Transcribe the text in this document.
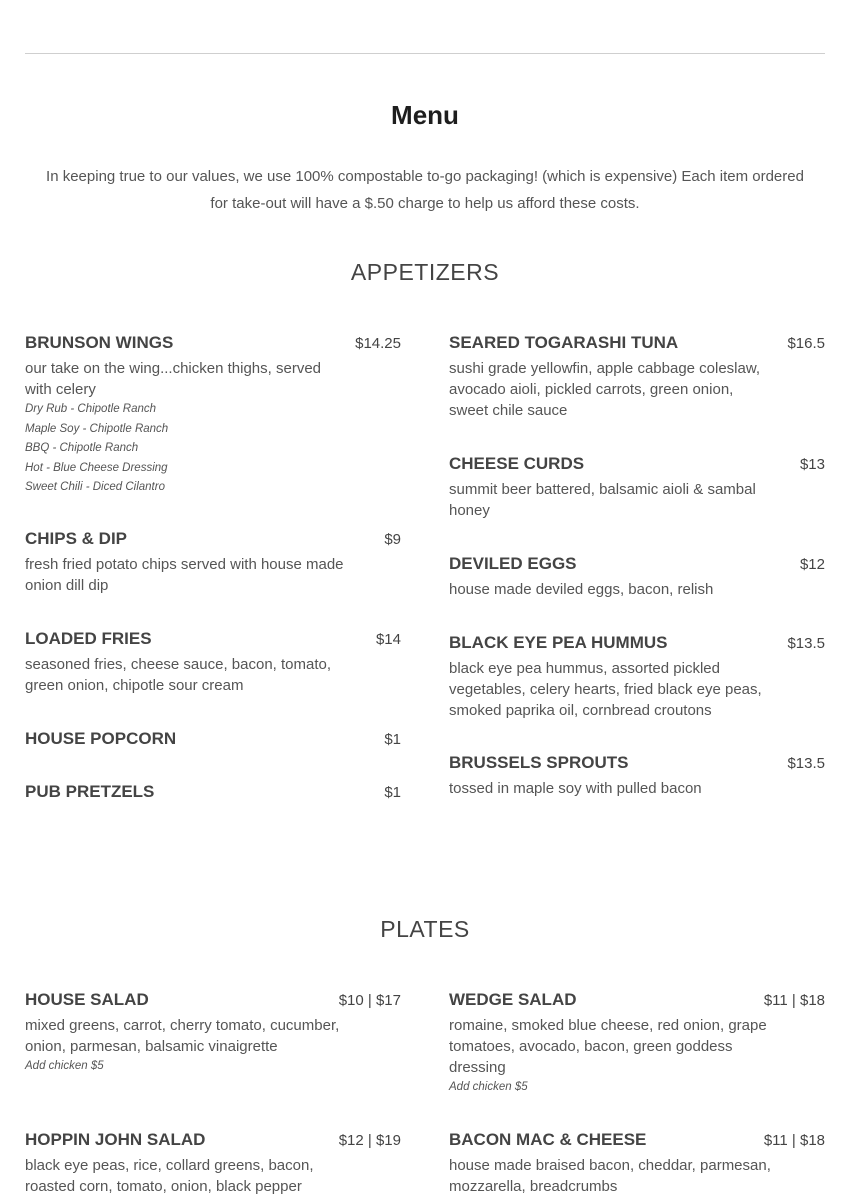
Menu

In keeping true to our values, we use 100% compostable to-go packaging! (which is expensive) Each item ordered for take-out will have a $.50 charge to help us afford these costs.

APPETIZERS
BRUNSON WINGS	$14.25
our take on the wing...chicken thighs, served with celery
Dry Rub - Chipotle Ranch
Maple Soy - Chipotle Ranch
BBQ - Chipotle Ranch
Hot - Blue Cheese Dressing
Sweet Chili - Diced Cilantro
CHIPS & DIP	$9
fresh fried potato chips served with house made onion dill dip
LOADED FRIES	$14
seasoned fries, cheese sauce, bacon, tomato, green onion, chipotle sour cream
HOUSE POPCORN	$1
PUB PRETZELS	$1
SEARED TOGARASHI TUNA	$16.5
sushi grade yellowfin, apple cabbage coleslaw, avocado aioli, pickled carrots, green onion, sweet chile sauce
CHEESE CURDS	$13
summit beer battered, balsamic aioli & sambal honey
DEVILED EGGS	$12
house made deviled eggs, bacon, relish
BLACK EYE PEA HUMMUS	$13.5
black eye pea hummus, assorted pickled vegetables, celery hearts, fried black eye peas, smoked paprika oil, cornbread croutons
BRUSSELS SPROUTS	$13.5
tossed in maple soy with pulled bacon
PLATES
HOUSE SALAD	$10 | $17
mixed greens, carrot, cherry tomato, cucumber, onion, parmesan, balsamic vinaigrette
Add chicken $5
HOPPIN JOHN SALAD	$12 | $19
black eye peas, rice, collard greens, bacon, roasted corn, tomato, onion, black pepper
WEDGE SALAD	$11 | $18
romaine, smoked blue cheese, red onion, grape tomatoes, avocado, bacon, green goddess dressing
Add chicken $5
BACON MAC & CHEESE	$11 | $18
house made braised bacon, cheddar, parmesan, mozzarella, breadcrumbs
